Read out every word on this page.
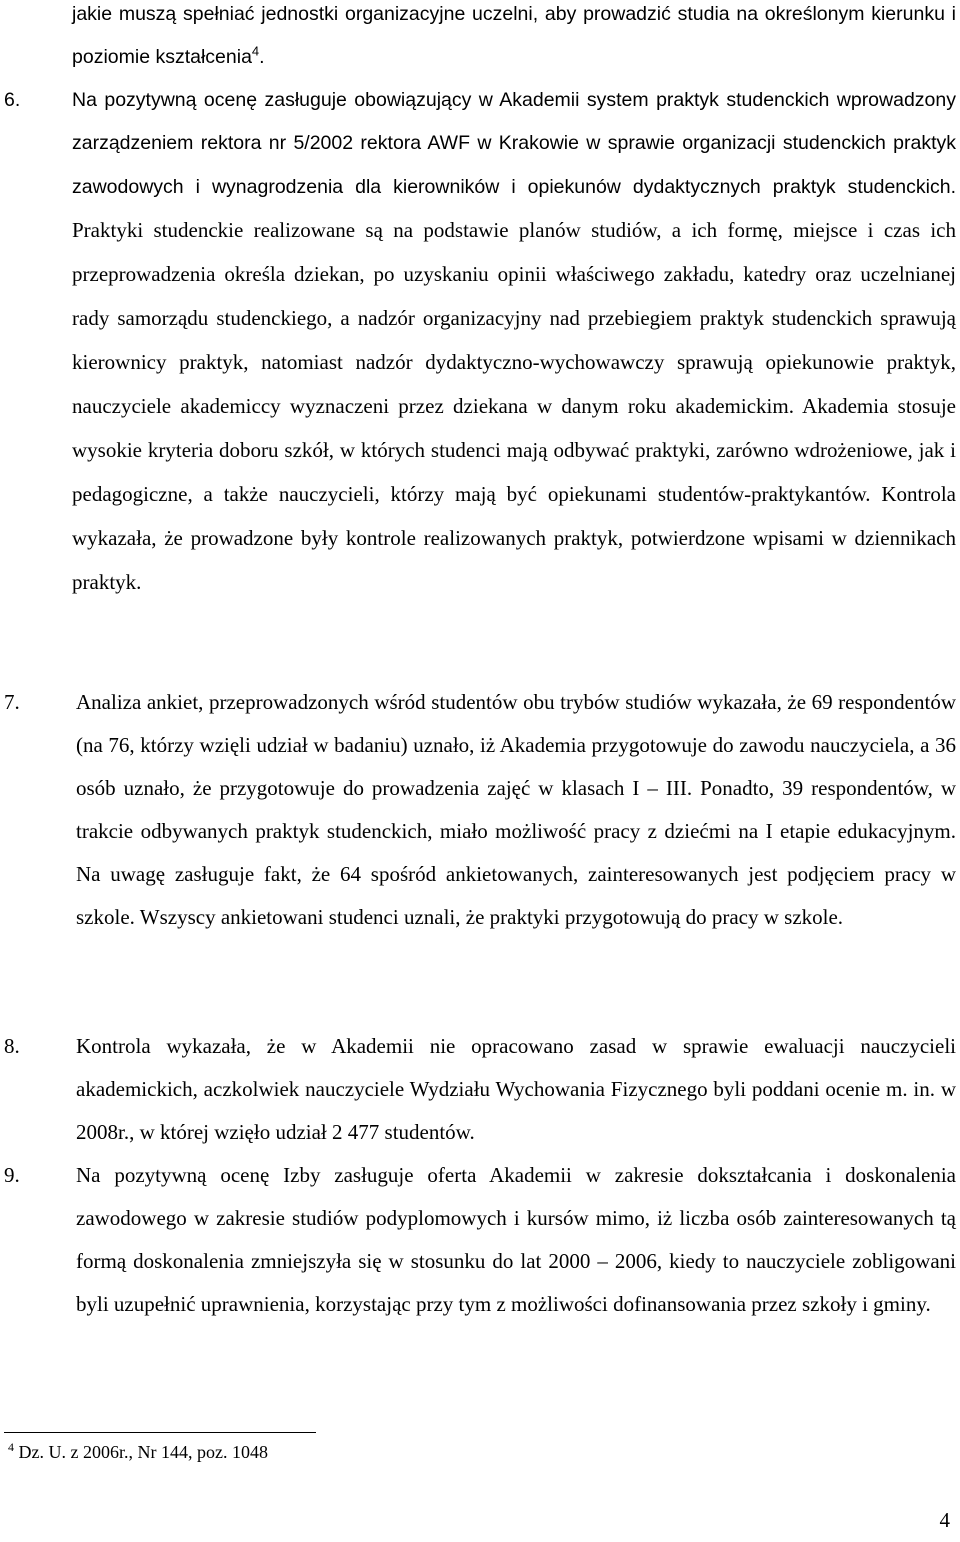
jakie muszą spełniać jednostki organizacyjne uczelni, aby prowadzić studia na określonym kierunku i poziomie kształcenia$^4$.

6.	Na pozytywną ocenę zasługuje obowiązujący w Akademii system praktyk studenckich wprowadzony zarządzeniem rektora nr 5/2002 rektora AWF w Krakowie w sprawie organizacji studenckich praktyk zawodowych i wynagrodzenia dla kierowników i opiekunów dydaktycznych praktyk studenckich. Praktyki studenckie realizowane są na podstawie planów studiów, a ich formę, miejsce i czas ich przeprowadzenia określa dziekan, po uzyskaniu opinii właściwego zakładu, katedry oraz uczelnianej rady samorządu studenckiego, a nadzór organizacyjny nad przebiegiem praktyk studenckich sprawują kierownicy praktyk, natomiast nadzór dydaktyczno-wychowawczy sprawują opiekunowie praktyk, nauczyciele akademiccy wyznaczeni przez dziekana w danym roku akademickim. Akademia stosuje wysokie kryteria doboru szkół, w których studenci mają odbywać praktyki, zarówno wdrożeniowe, jak i pedagogiczne, a także nauczycieli, którzy mają być opiekunami studentów-praktykantów. Kontrola wykazała, że prowadzone były kontrole realizowanych praktyk, potwierdzone wpisami w dziennikach praktyk.

7.	Analiza ankiet, przeprowadzonych wśród studentów obu trybów studiów wykazała, że 69 respondentów (na 76, którzy wzięli udział w badaniu) uznało, iż Akademia przygotowuje do zawodu nauczyciela, a 36 osób uznało, że przygotowuje do prowadzenia zajęć w klasach I – III. Ponadto, 39 respondentów, w trakcie odbywanych praktyk studenckich, miało możliwość pracy z dziećmi na I etapie edukacyjnym. Na uwagę zasługuje fakt, że 64 spośród ankietowanych, zainteresowanych jest podjęciem pracy w szkole. Wszyscy ankietowani studenci uznali, że praktyki przygotowują do pracy w szkole.

8.	Kontrola wykazała, że w Akademii nie opracowano zasad w sprawie ewaluacji nauczycieli akademickich, aczkolwiek nauczyciele Wydziału Wychowania Fizycznego byli poddani ocenie m. in. w 2008r., w której wzięło udział 2 477 studentów.

9.	Na pozytywną ocenę Izby zasługuje oferta Akademii w zakresie dokształcania i doskonalenia zawodowego w zakresie studiów podyplomowych i kursów mimo, iż liczba osób zainteresowanych tą formą doskonalenia zmniejszyła się w stosunku do lat 2000 – 2006, kiedy to nauczyciele zobligowani byli uzupełnić uprawnienia, korzystając przy tym z możliwości dofinansowania przez szkoły i gminy.

$^4$ Dz. U. z 2006r., Nr 144, poz. 1048
4
